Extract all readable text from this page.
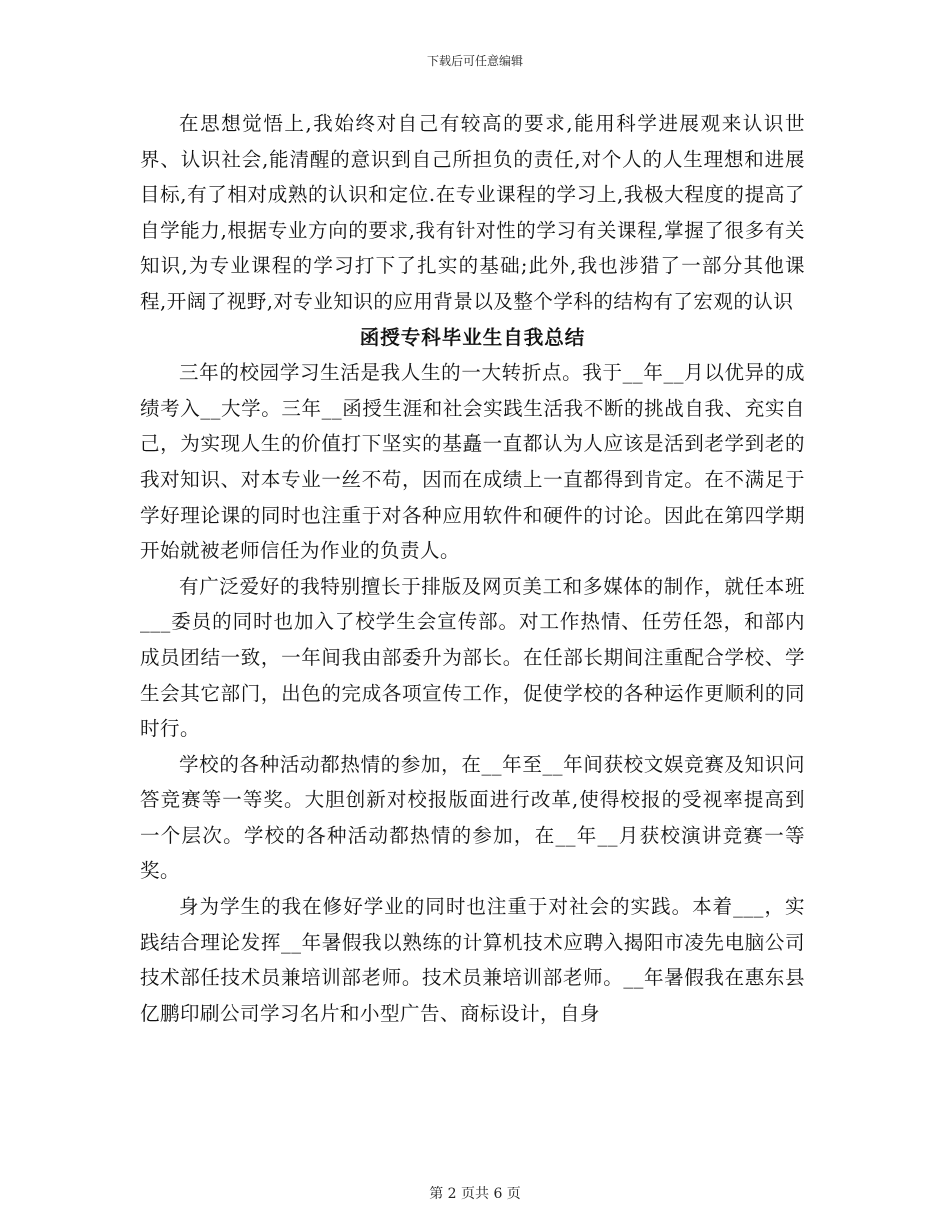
下载后可任意编辑

在思想觉悟上,我始终对自己有较高的要求,能用科学进展观来认识世界、认识社会,能清醒的意识到自己所担负的责任,对个人的人生理想和进展目标,有了相对成熟的认识和定位.在专业课程的学习上,我极大程度的提高了自学能力,根据专业方向的要求,我有针对性的学习有关课程,掌握了很多有关知识,为专业课程的学习打下了扎实的基础;此外,我也涉猎了一部分其他课程,开阔了视野,对专业知识的应用背景以及整个学科的结构有了宏观的认识

函授专科毕业生自我总结

三年的校园学习生活是我人生的一大转折点。我于__年__月以优异的成绩考入__大学。三年__函授生涯和社会实践生活我不断的挑战自我、充实自己，为实现人生的价值打下坚实的基矗一直都认为人应该是活到老学到老的我对知识、对本专业一丝不苟，因而在成绩上一直都得到肯定。在不满足于学好理论课的同时也注重于对各种应用软件和硬件的讨论。因此在第四学期开始就被老师信任为作业的负责人。

有广泛爱好的我特别擅长于排版及网页美工和多媒体的制作，就任本班___委员的同时也加入了校学生会宣传部。对工作热情、任劳任怨，和部内成员团结一致，一年间我由部委升为部长。在任部长期间注重配合学校、学生会其它部门，出色的完成各项宣传工作，促使学校的各种运作更顺利的同时行。

学校的各种活动都热情的参加，在__年至__年间获校文娱竞赛及知识问答竞赛等一等奖。大胆创新对校报版面进行改革,使得校报的受视率提高到一个层次。学校的各种活动都热情的参加，在__年__月获校演讲竞赛一等奖。

身为学生的我在修好学业的同时也注重于对社会的实践。本着___，实践结合理论发挥__年暑假我以熟练的计算机技术应聘入揭阳市凌先电脑公司技术部任技术员兼培训部老师。技术员兼培训部老师。__年暑假我在惠东县亿鹏印刷公司学习名片和小型广告、商标设计，自身

第 2 页共 6 页
